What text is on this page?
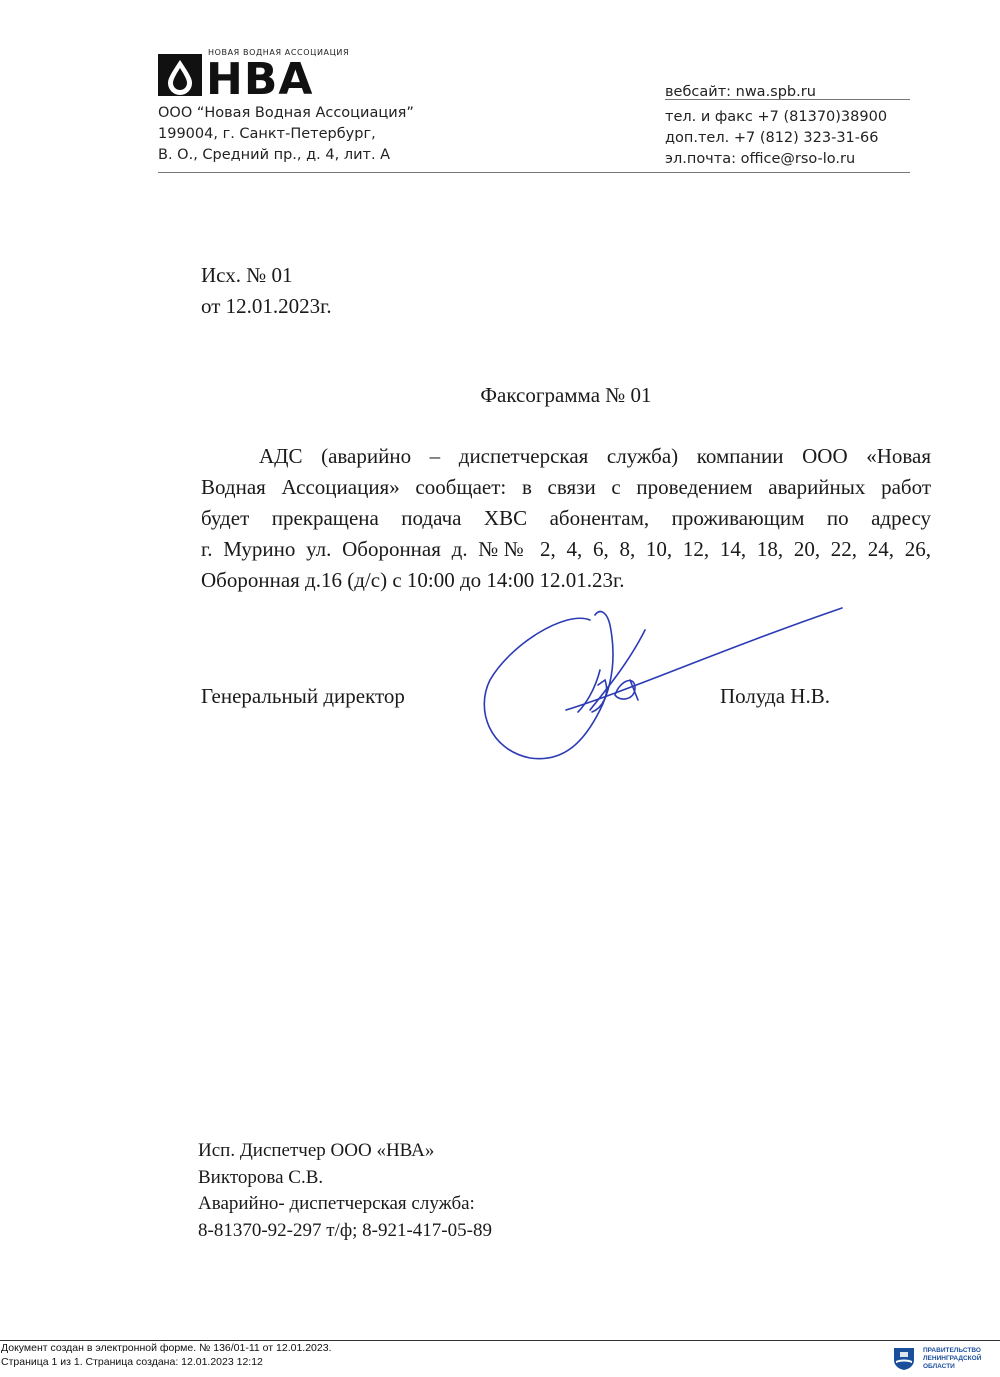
НОВАЯ ВОДНАЯ АССОЦИАЦИЯ
НВА
ООО “Новая Водная Ассоциация”
199004, г. Санкт-Петербург,
В. О., Средний пр., д. 4, лит. А
вебсайт: nwa.spb.ru
тел. и факс +7 (81370)38900
доп.тел. +7 (812) 323-31-66
эл.почта: office@rso-lo.ru
Исх. № 01
от 12.01.2023г.
Факсограмма № 01
АДС (аварийно – диспетчерская служба) компании ООО «Новая
Водная Ассоциация» сообщает: в связи с проведением аварийных работ
будет прекращена подача ХВС абонентам, проживающим по адресу
г. Мурино ул. Оборонная д. №№ 2, 4, 6, 8, 10, 12, 14, 18, 20, 22, 24, 26,
Оборонная д.16 (д/с) с 10:00 до 14:00 12.01.23г.
Генеральный директор	Полуда Н.В.
Исп. Диспетчер ООО «НВА»
Викторова С.В.
Аварийно- диспетчерская служба:
8-81370-92-297 т/ф; 8-921-417-05-89
Документ создан в электронной форме. № 136/01-11 от 12.01.2023.
Страница 1 из 1. Страница создана: 12.01.2023 12:12
ПРАВИТЕЛЬСТВО
ЛЕНИНГРАДСКОЙ
ОБЛАСТИ
